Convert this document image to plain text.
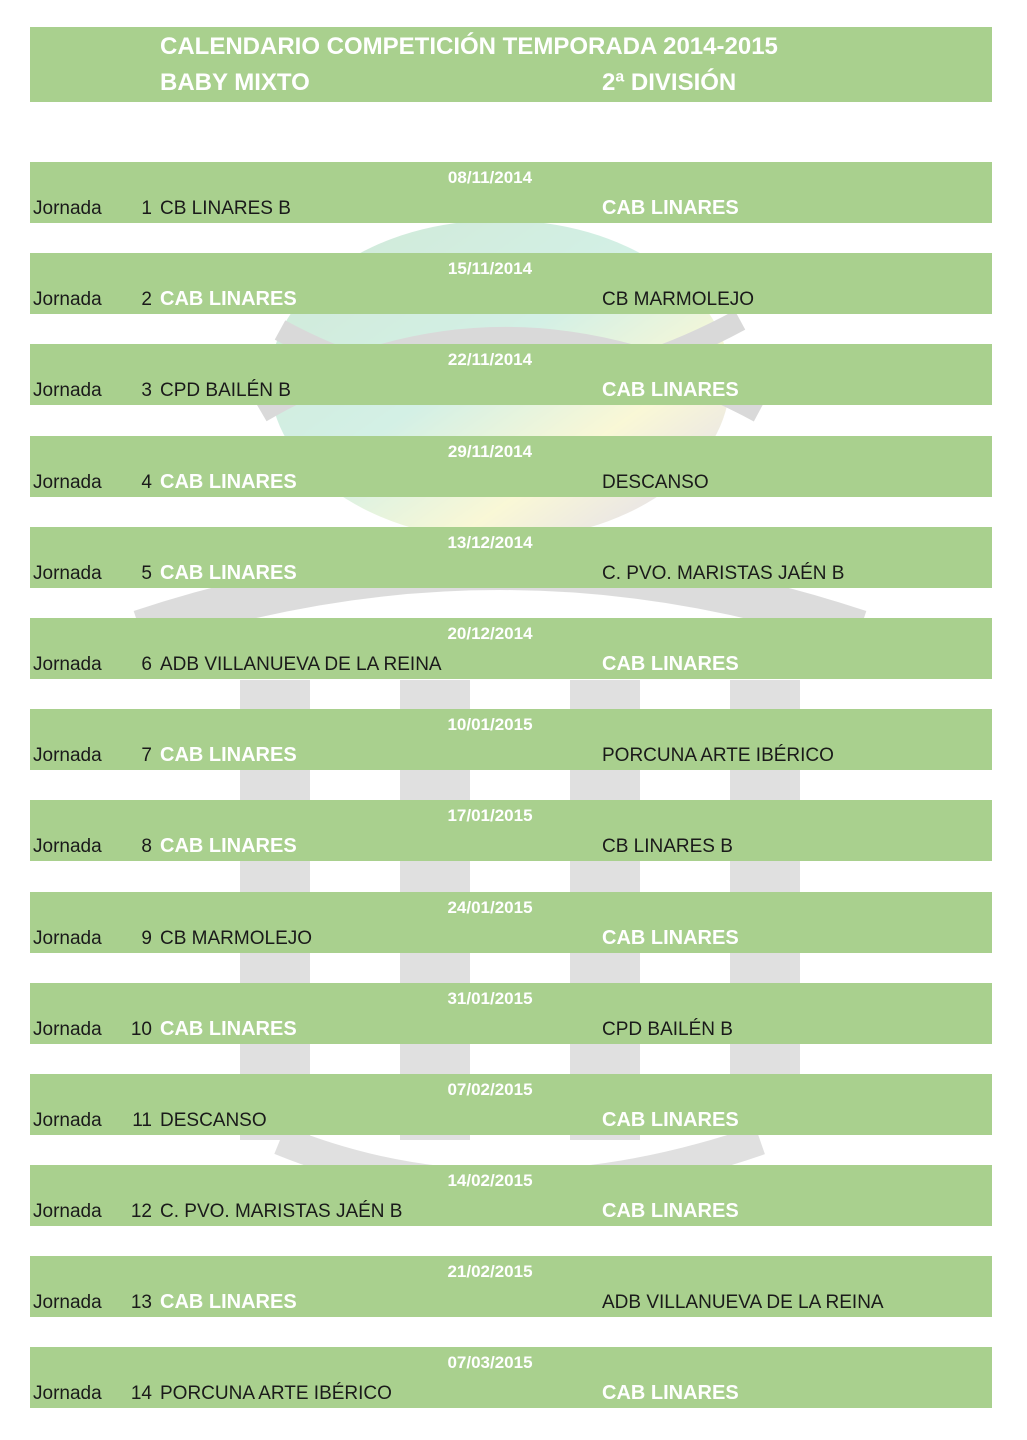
CALENDARIO COMPETICIÓN TEMPORADA 2014-2015
BABY MIXTO	2ª DIVISIÓN
08/11/2014
Jornada	1 CB LINARES B	CAB LINARES
15/11/2014
Jornada	2 CAB LINARES	CB MARMOLEJO
22/11/2014
Jornada	3 CPD BAILÉN B	CAB LINARES
29/11/2014
Jornada	4 CAB LINARES	DESCANSO
13/12/2014
Jornada	5 CAB LINARES	C. PVO. MARISTAS JAÉN B
20/12/2014
Jornada	6 ADB VILLANUEVA DE LA REINA	CAB LINARES
10/01/2015
Jornada	7 CAB LINARES	PORCUNA ARTE IBÉRICO
17/01/2015
Jornada	8 CAB LINARES	CB LINARES B
24/01/2015
Jornada	9 CB MARMOLEJO	CAB LINARES
31/01/2015
Jornada	10 CAB LINARES	CPD BAILÉN B
07/02/2015
Jornada	11 DESCANSO	CAB LINARES
14/02/2015
Jornada	12 C. PVO. MARISTAS JAÉN B	CAB LINARES
21/02/2015
Jornada	13 CAB LINARES	ADB VILLANUEVA DE LA REINA
07/03/2015
Jornada	14 PORCUNA ARTE IBÉRICO	CAB LINARES
